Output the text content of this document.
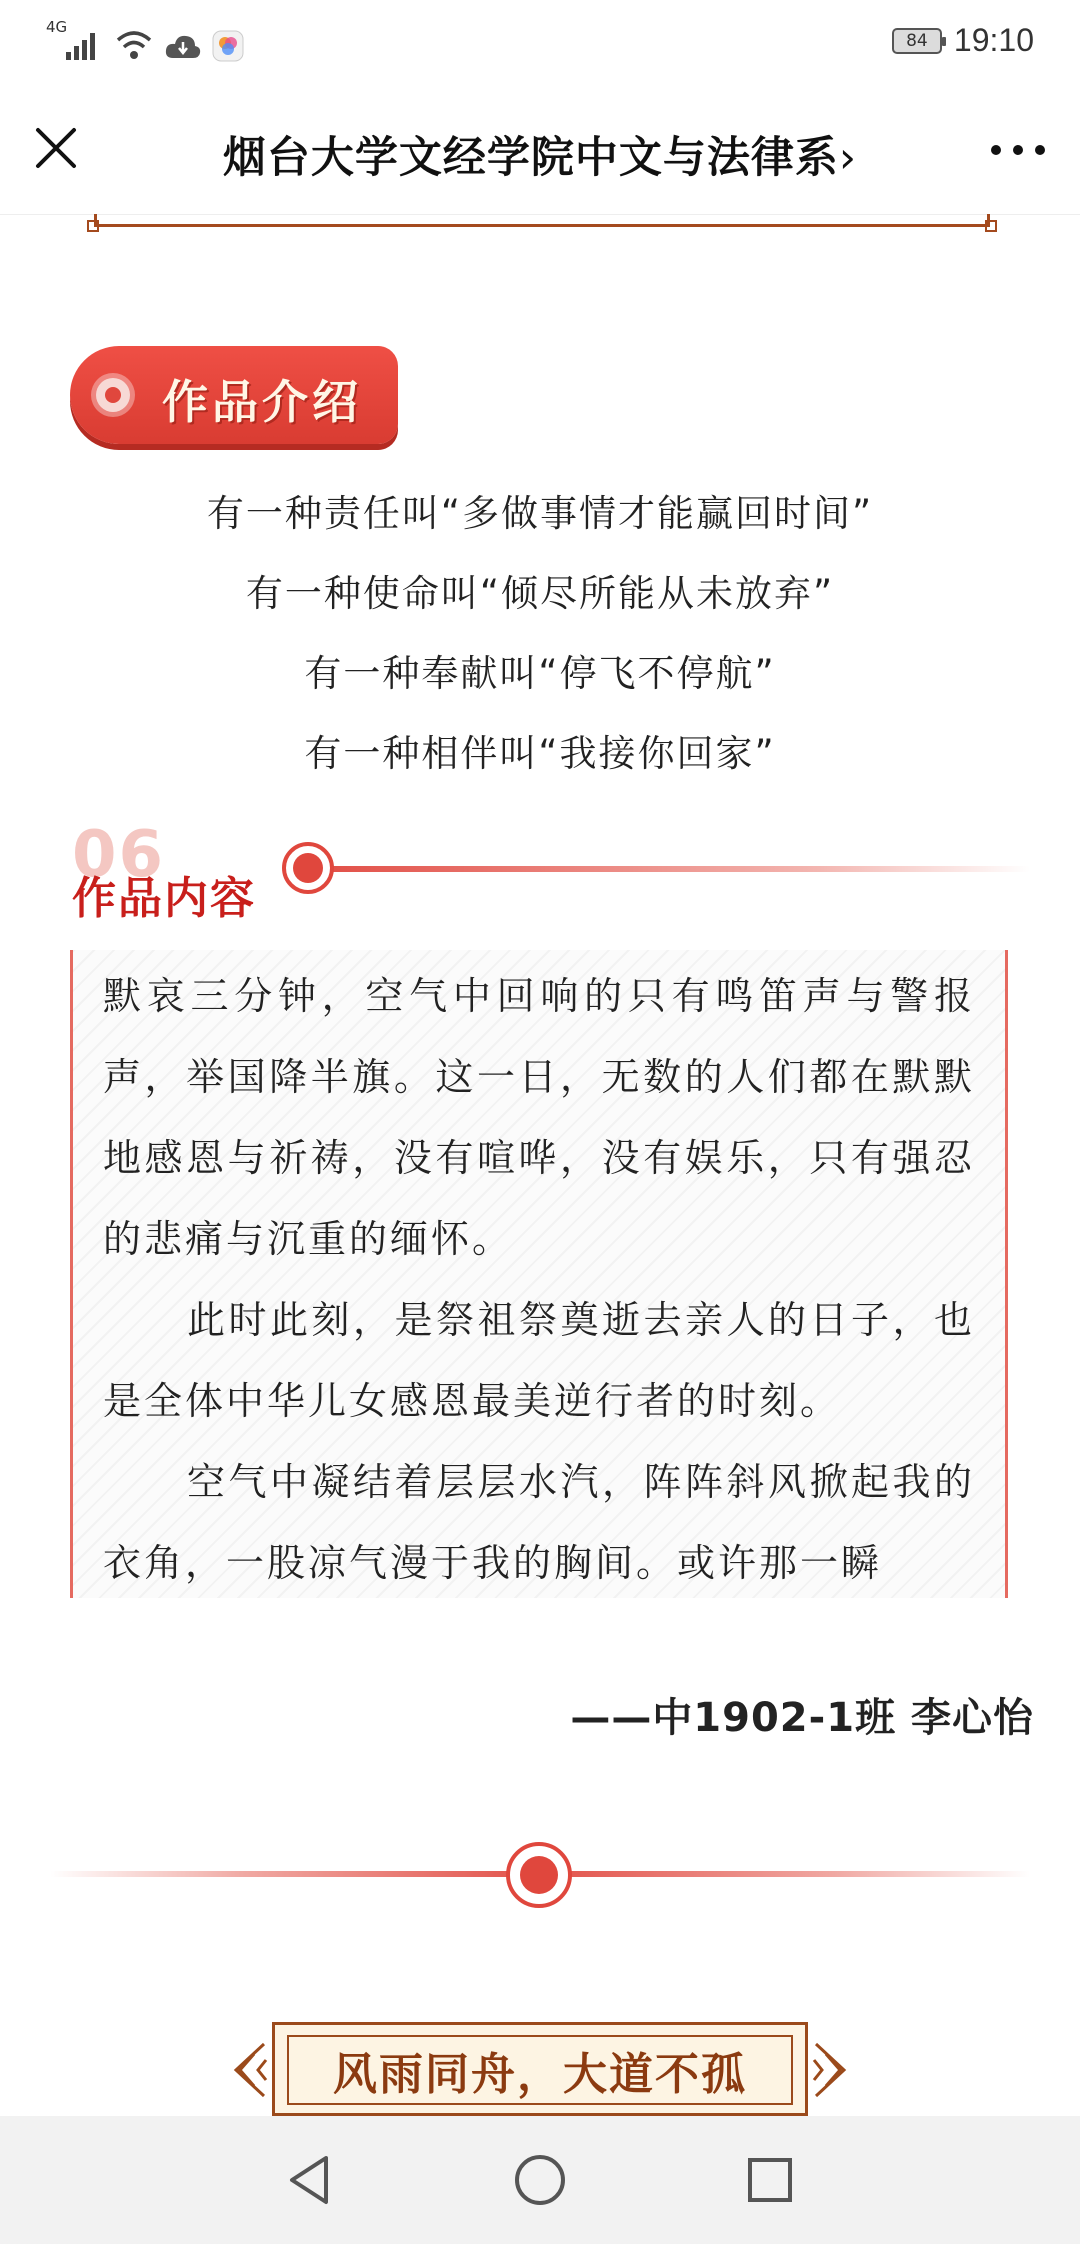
4G
84 19:10
烟台大学文经学院中文与法律系›
作品介绍
有一种责任叫“多做事情才能赢回时间”
有一种使命叫“倾尽所能从未放弃”
有一种奉献叫“停飞不停航”
有一种相伴叫“我接你回家”
06
作品内容

默哀三分钟，空气中回响的只有鸣笛声与警报声，举国降半旗。这一日，无数的人们都在默默地感恩与祈祷，没有喧哗，没有娱乐，只有强忍的悲痛与沉重的缅怀。

此时此刻，是祭祖祭奠逝去亲人的日子，也是全体中华儿女感恩最美逆行者的时刻。

空气中凝结着层层水汽，阵阵斜风掀起我的衣角，一股凉气漫于我的胸间。或许那一瞬

——中1902-1班 李心怡
风雨同舟，大道不孤
